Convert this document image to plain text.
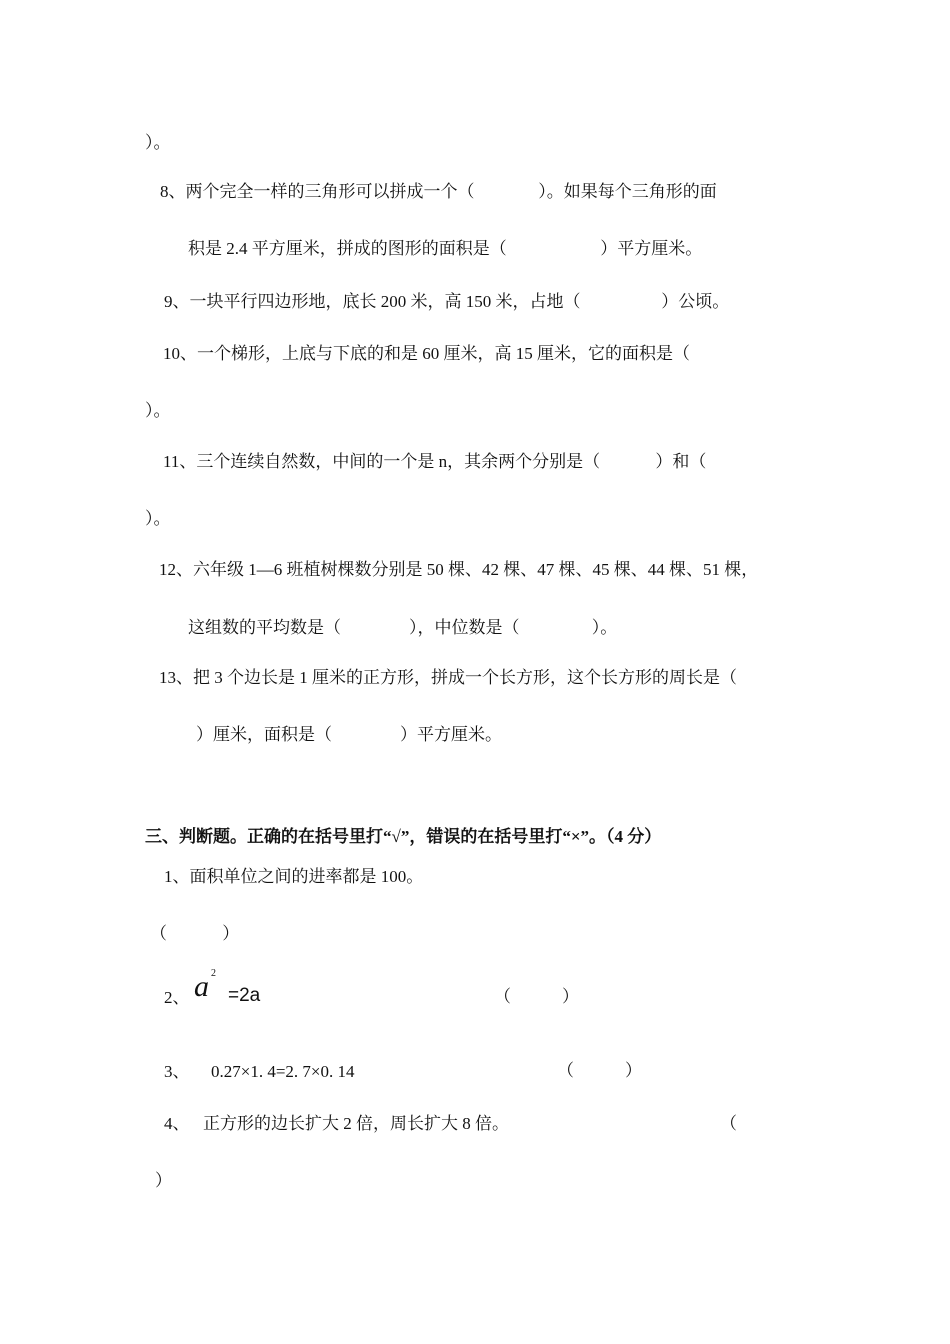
）。
8、两个完全一样的三角形可以拼成一个（               ）。如果每个三角形的面
积是 2.4 平方厘米，拼成的图形的面积是（                      ）平方厘米。
9、一块平行四边形地，底长 200 米，高 150 米，占地（                   ）公顷。
10、一个梯形，上底与下底的和是 60 厘米，高 15 厘米，它的面积是（
）。
11、三个连续自然数，中间的一个是 n，其余两个分别是（             ）和（
）。
12、六年级 1—6 班植树棵数分别是 50 棵、42 棵、47 棵、45 棵、44 棵、51 棵，
这组数的平均数是（                ），中位数是（                 ）。
13、把 3 个边长是 1 厘米的正方形，拼成一个长方形，这个长方形的周长是（
）厘米，面积是（                ）平方厘米。
三、判断题。正确的在括号里打“√”，错误的在括号里打“×”。（4 分）
1、面积单位之间的进率都是 100。
（             ）
2、 a 2
=2a	（            ）
3、 0.27×1. 4=2. 7×0. 14	（            ）
4、 正方形的边长扩大 2 倍，周长扩大 8 倍。	（
）
